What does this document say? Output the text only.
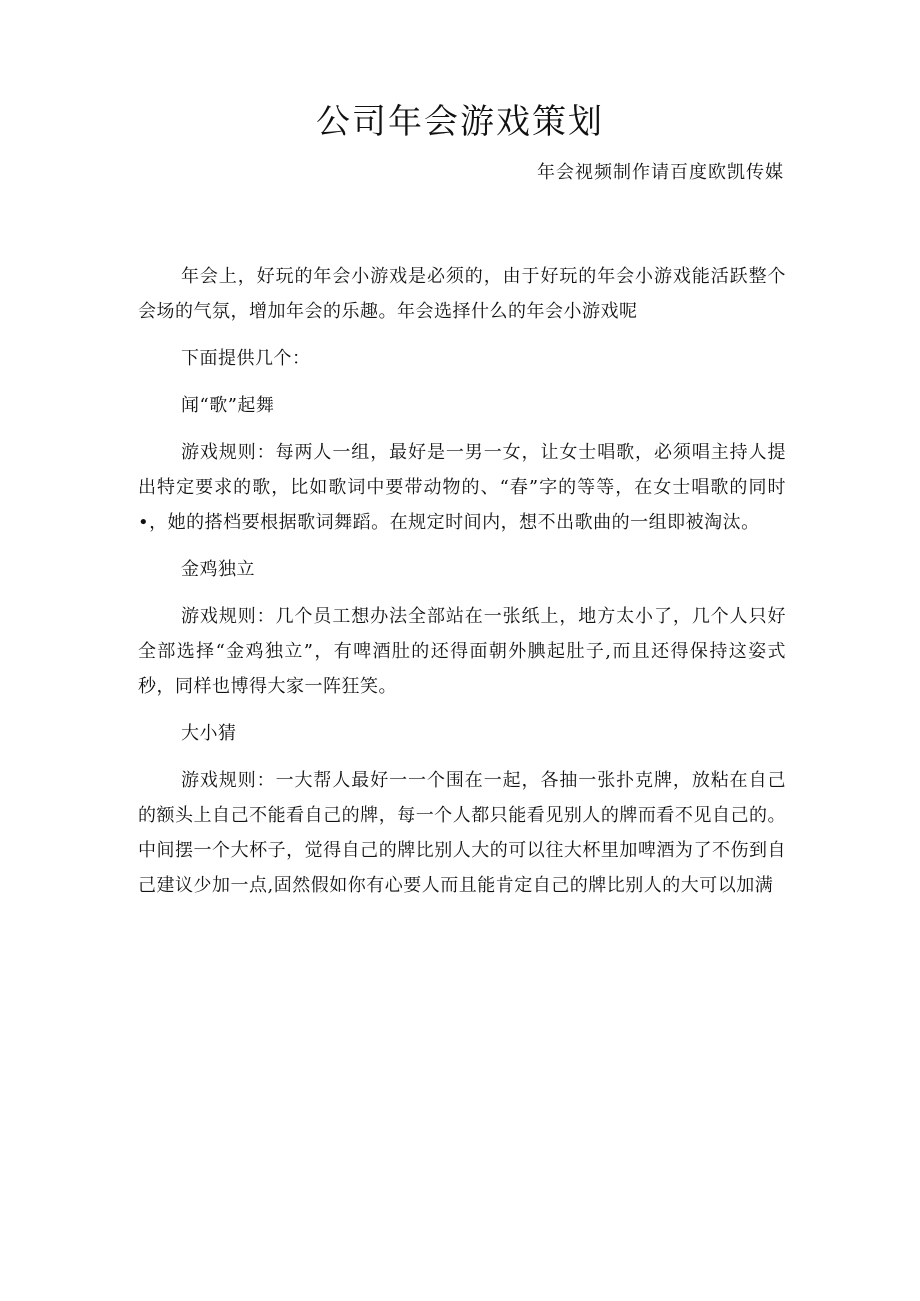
公司年会游戏策划
年会视频制作请百度欧凯传媒

年会上，好玩的年会小游戏是必须的，由于好玩的年会小游戏能活跃整个会场的气氛，增加年会的乐趣。年会选择什么的年会小游戏呢

下面提供几个：

闻“歌”起舞

游戏规则：每两人一组，最好是一男一女，让女士唱歌，必须唱主持人提出特定要求的歌，比如歌词中要带动物的、“春”字的等等，在女士唱歌的同时•，她的搭档要根据歌词舞蹈。在规定时间内，想不出歌曲的一组即被淘汰。

金鸡独立

游戏规则：几个员工想办法全部站在一张纸上，地方太小了，几个人只好全部选择“金鸡独立”，有啤酒肚的还得面朝外腆起肚子,而且还得保持这姿式秒，同样也博得大家一阵狂笑。

大小猜

游戏规则：一大帮人最好一一个围在一起，各抽一张扑克牌，放粘在自己的额头上自己不能看自己的牌，每一个人都只能看见别人的牌而看不见自己的。中间摆一个大杯子，觉得自己的牌比别人大的可以往大杯里加啤酒为了不伤到自己建议少加一点,固然假如你有心要人而且能肯定自己的牌比别人的大可以加满
